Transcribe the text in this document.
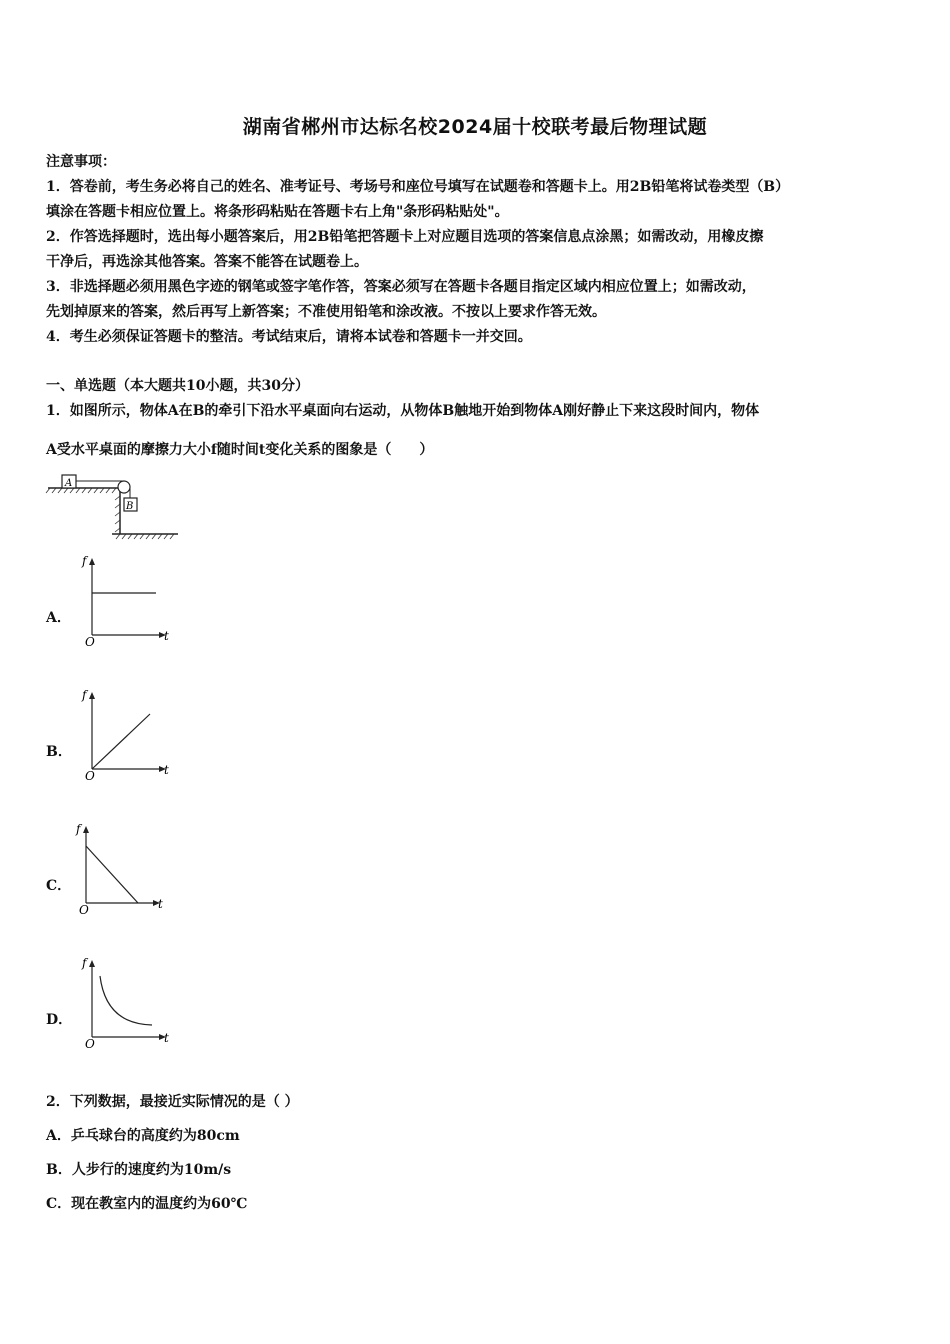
湖南省郴州市达标名校2024届十校联考最后物理试题
注意事项：
1．答卷前，考生务必将自己的姓名、准考证号、考场号和座位号填写在试题卷和答题卡上。用2B铅笔将试卷类型（B）
填涂在答题卡相应位置上。将条形码粘贴在答题卡右上角"条形码粘贴处"。
2．作答选择题时，选出每小题答案后，用2B铅笔把答题卡上对应题目选项的答案信息点涂黑；如需改动，用橡皮擦
干净后，再选涂其他答案。答案不能答在试题卷上。
3．非选择题必须用黑色字迹的钢笔或签字笔作答，答案必须写在答题卡各题目指定区域内相应位置上；如需改动，
先划掉原来的答案，然后再写上新答案；不准使用铅笔和涂改液。不按以上要求作答无效。
4．考生必须保证答题卡的整洁。考试结束后，请将本试卷和答题卡一并交回。
一、单选题（本大题共10小题，共30分）
1．如图所示，物体A在B的牵引下沿水平桌面向右运动，从物体B触地开始到物体A刚好静止下来这段时间内，物体
A受水平桌面的摩擦力大小f随时间t变化关系的图象是（　　）
A
B
A．
f
t
O
B．
f
t
O
C．
f
t
O
D．
f
t
O
2．下列数据，最接近实际情况的是（ ）
A．乒乓球台的高度约为80cm
B．人步行的速度约为10m/s
C．现在教室内的温度约为60℃
